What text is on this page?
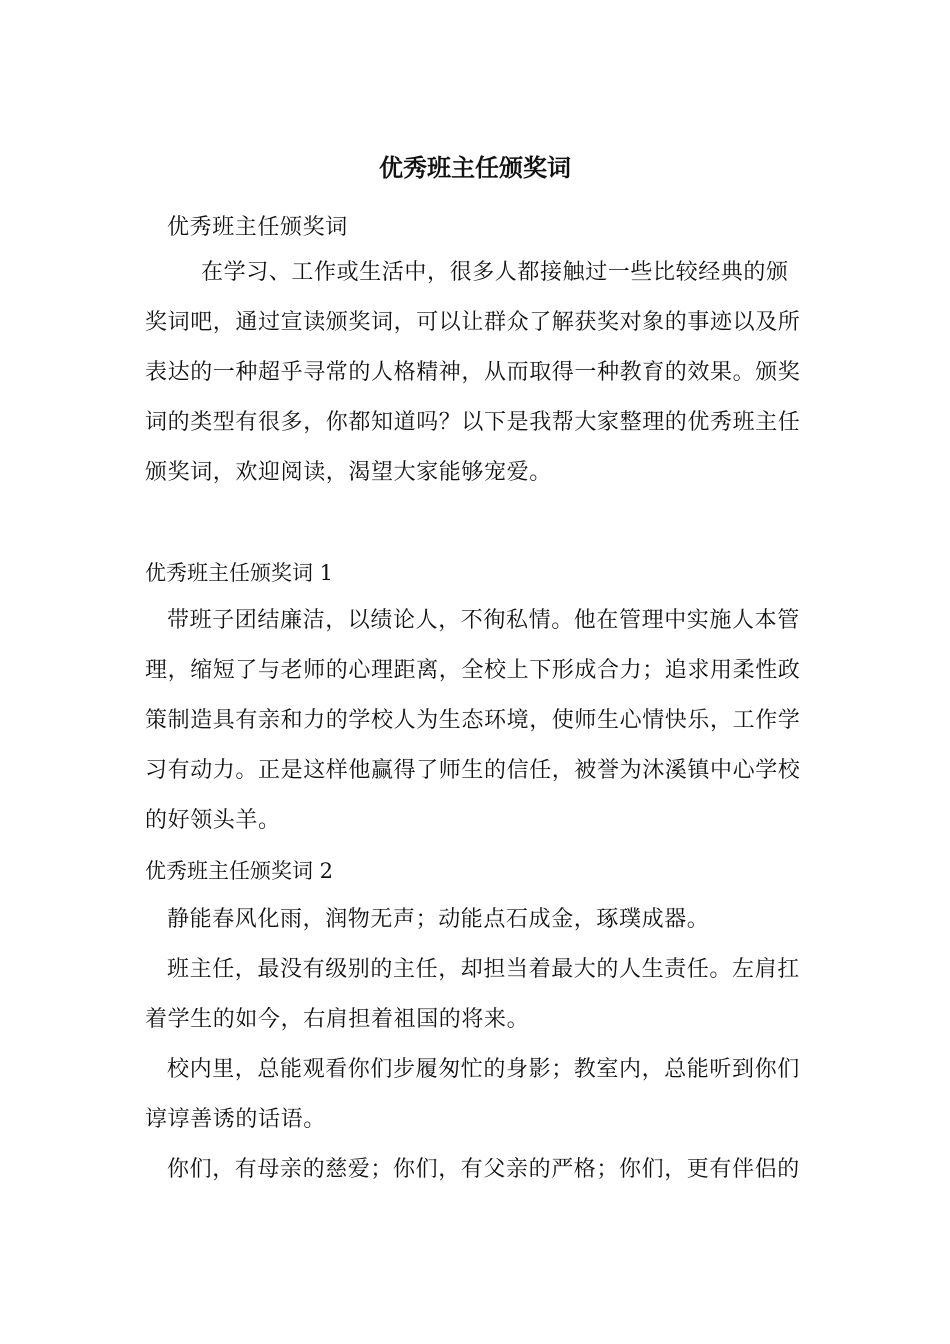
优秀班主任颁奖词
优秀班主任颁奖词
在学习、工作或生活中，很多人都接触过一些比较经典的颁奖词吧，通过宣读颁奖词，可以让群众了解获奖对象的事迹以及所表达的一种超乎寻常的人格精神，从而取得一种教育的效果。颁奖词的类型有很多，你都知道吗？以下是我帮大家整理的优秀班主任颁奖词，欢迎阅读，渴望大家能够宠爱。
优秀班主任颁奖词 1
带班子团结廉洁，以绩论人，不徇私情。他在管理中实施人本管理，缩短了与老师的心理距离，全校上下形成合力；追求用柔性政策制造具有亲和力的学校人为生态环境，使师生心情快乐，工作学习有动力。正是这样他赢得了师生的信任，被誉为沐溪镇中心学校的好领头羊。
优秀班主任颁奖词 2
静能春风化雨，润物无声；动能点石成金，琢璞成器。
班主任，最没有级别的主任，却担当着最大的人生责任。左肩扛着学生的如今，右肩担着祖国的将来。
校内里，总能观看你们步履匆忙的身影；教室内，总能听到你们谆谆善诱的话语。
你们，有母亲的慈爱；你们，有父亲的严格；你们，更有伴侣的
